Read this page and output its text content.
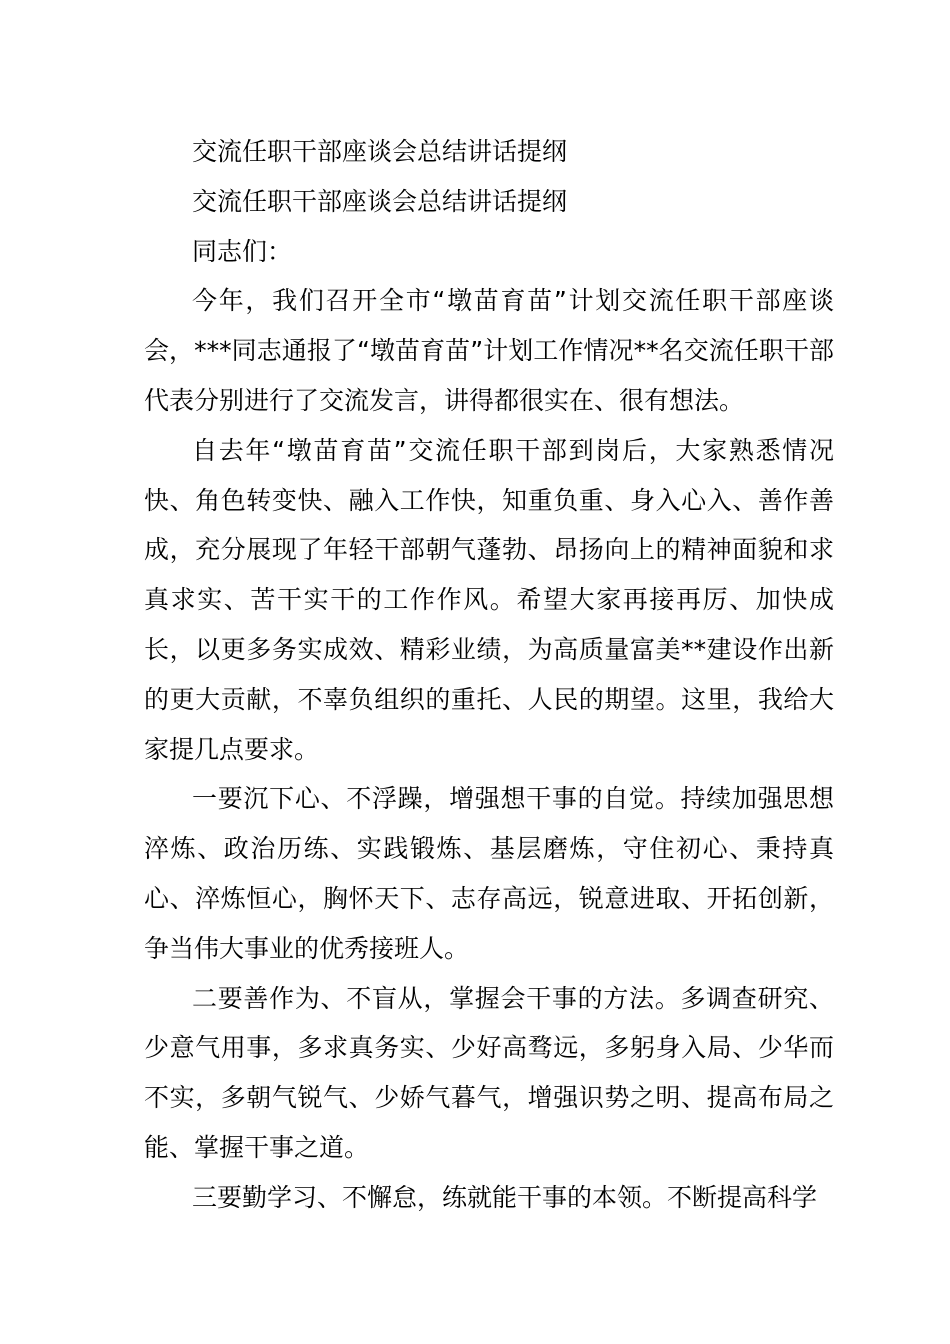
交流任职干部座谈会总结讲话提纲

交流任职干部座谈会总结讲话提纲

同志们：

今年，我们召开全市“墩苗育苗”计划交流任职干部座谈会，***同志通报了“墩苗育苗”计划工作情况**名交流任职干部代表分别进行了交流发言，讲得都很实在、很有想法。

自去年“墩苗育苗”交流任职干部到岗后，大家熟悉情况快、角色转变快、融入工作快，知重负重、身入心入、善作善成，充分展现了年轻干部朝气蓬勃、昂扬向上的精神面貌和求真求实、苦干实干的工作作风。希望大家再接再厉、加快成长，以更多务实成效、精彩业绩，为高质量富美**建设作出新的更大贡献，不辜负组织的重托、人民的期望。这里，我给大家提几点要求。

一要沉下心、不浮躁，增强想干事的自觉。持续加强思想淬炼、政治历练、实践锻炼、基层磨炼，守住初心、秉持真心、淬炼恒心，胸怀天下、志存高远，锐意进取、开拓创新，争当伟大事业的优秀接班人。

二要善作为、不盲从，掌握会干事的方法。多调查研究、少意气用事，多求真务实、少好高骛远，多躬身入局、少华而不实，多朝气锐气、少娇气暮气，增强识势之明、提高布局之能、掌握干事之道。

三要勤学习、不懈怠，练就能干事的本领。不断提高科学
